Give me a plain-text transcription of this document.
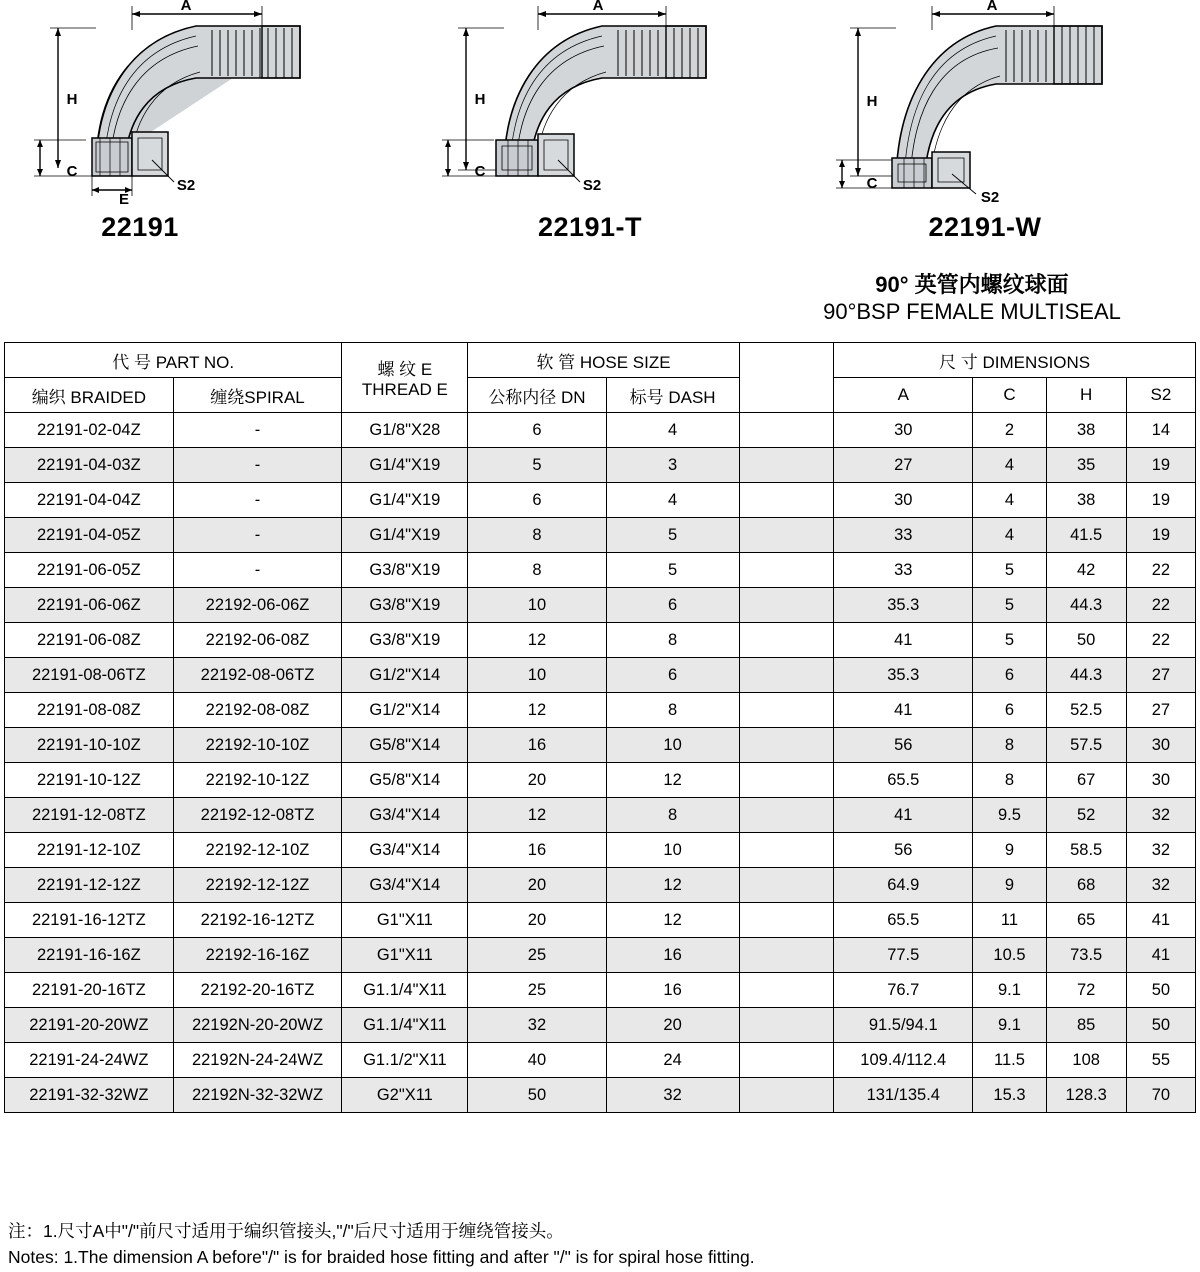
A
H
C
E
S2
22191
A
H
C
S2
22191-T
A
H
C
S2
22191-W
90° 英管内螺纹球面
90°BSP FEMALE MULTISEAL
代 号 PART NO.		螺 纹 E
THREAD E	软 管 HOSE SIZE			尺 寸 DIMENSIONS			
编织 BRAIDED	缠绕SPIRAL		公称内径 DN	标号 DASH		A	C	H	S2
22191-02-04Z	-	G1/8"X28	6	4		30	2	38	14
22191-04-03Z	-	G1/4"X19	5	3		27	4	35	19
22191-04-04Z	-	G1/4"X19	6	4		30	4	38	19
22191-04-05Z	-	G1/4"X19	8	5		33	4	41.5	19
22191-06-05Z	-	G3/8"X19	8	5		33	5	42	22
22191-06-06Z	22192-06-06Z	G3/8"X19	10	6		35.3	5	44.3	22
22191-06-08Z	22192-06-08Z	G3/8"X19	12	8		41	5	50	22
22191-08-06TZ	22192-08-06TZ	G1/2"X14	10	6		35.3	6	44.3	27
22191-08-08Z	22192-08-08Z	G1/2"X14	12	8		41	6	52.5	27
22191-10-10Z	22192-10-10Z	G5/8"X14	16	10		56	8	57.5	30
22191-10-12Z	22192-10-12Z	G5/8"X14	20	12		65.5	8	67	30
22191-12-08TZ	22192-12-08TZ	G3/4"X14	12	8		41	9.5	52	32
22191-12-10Z	22192-12-10Z	G3/4"X14	16	10		56	9	58.5	32
22191-12-12Z	22192-12-12Z	G3/4"X14	20	12		64.9	9	68	32
22191-16-12TZ	22192-16-12TZ	G1"X11	20	12		65.5	11	65	41
22191-16-16Z	22192-16-16Z	G1"X11	25	16		77.5	10.5	73.5	41
22191-20-16TZ	22192-20-16TZ	G1.1/4"X11	25	16		76.7	9.1	72	50
22191-20-20WZ	22192N-20-20WZ	G1.1/4"X11	32	20		91.5/94.1	9.1	85	50
22191-24-24WZ	22192N-24-24WZ	G1.1/2"X11	40	24		109.4/112.4	11.5	108	55
22191-32-32WZ	22192N-32-32WZ	G2"X11	50	32		131/135.4	15.3	128.3	70
注：1.尺寸A中"/"前尺寸适用于编织管接头,"/"后尺寸适用于缠绕管接头。
Notes: 1.The dimension A before"/" is for braided hose fitting and after "/" is for spiral hose fitting.
